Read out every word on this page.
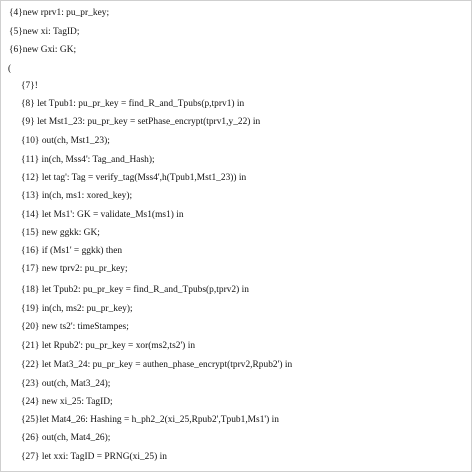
{4}new rprv1: pu_pr_key;
{5}new xi: TagID;
{6}new Gxi: GK;
(
{7}!
{8} let Tpub1: pu_pr_key = find_R_and_Tpubs(p,tprv1) in
{9} let Mst1_23: pu_pr_key = setPhase_encrypt(tprv1,y_22) in
{10} out(ch, Mst1_23);
{11} in(ch, Mss4': Tag_and_Hash);
{12} let tag': Tag = verify_tag(Mss4',h(Tpub1,Mst1_23)) in
{13} in(ch, ms1: xored_key);
{14} let Ms1': GK = validate_Ms1(ms1) in
{15} new ggkk: GK;
{16} if (Ms1' = ggkk) then
{17} new tprv2: pu_pr_key;
{18} let Tpub2: pu_pr_key = find_R_and_Tpubs(p,tprv2) in
{19} in(ch, ms2: pu_pr_key);
{20} new ts2': timeStampes;
{21} let Rpub2': pu_pr_key = xor(ms2,ts2') in
{22} let Mat3_24: pu_pr_key = authen_phase_encrypt(tprv2,Rpub2') in
{23} out(ch, Mat3_24);
{24} new xi_25: TagID;
{25}let Mat4_26: Hashing = h_ph2_2(xi_25,Rpub2',Tpub1,Ms1') in
{26} out(ch, Mat4_26);
{27} let xxi: TagID = PRNG(xi_25) in
